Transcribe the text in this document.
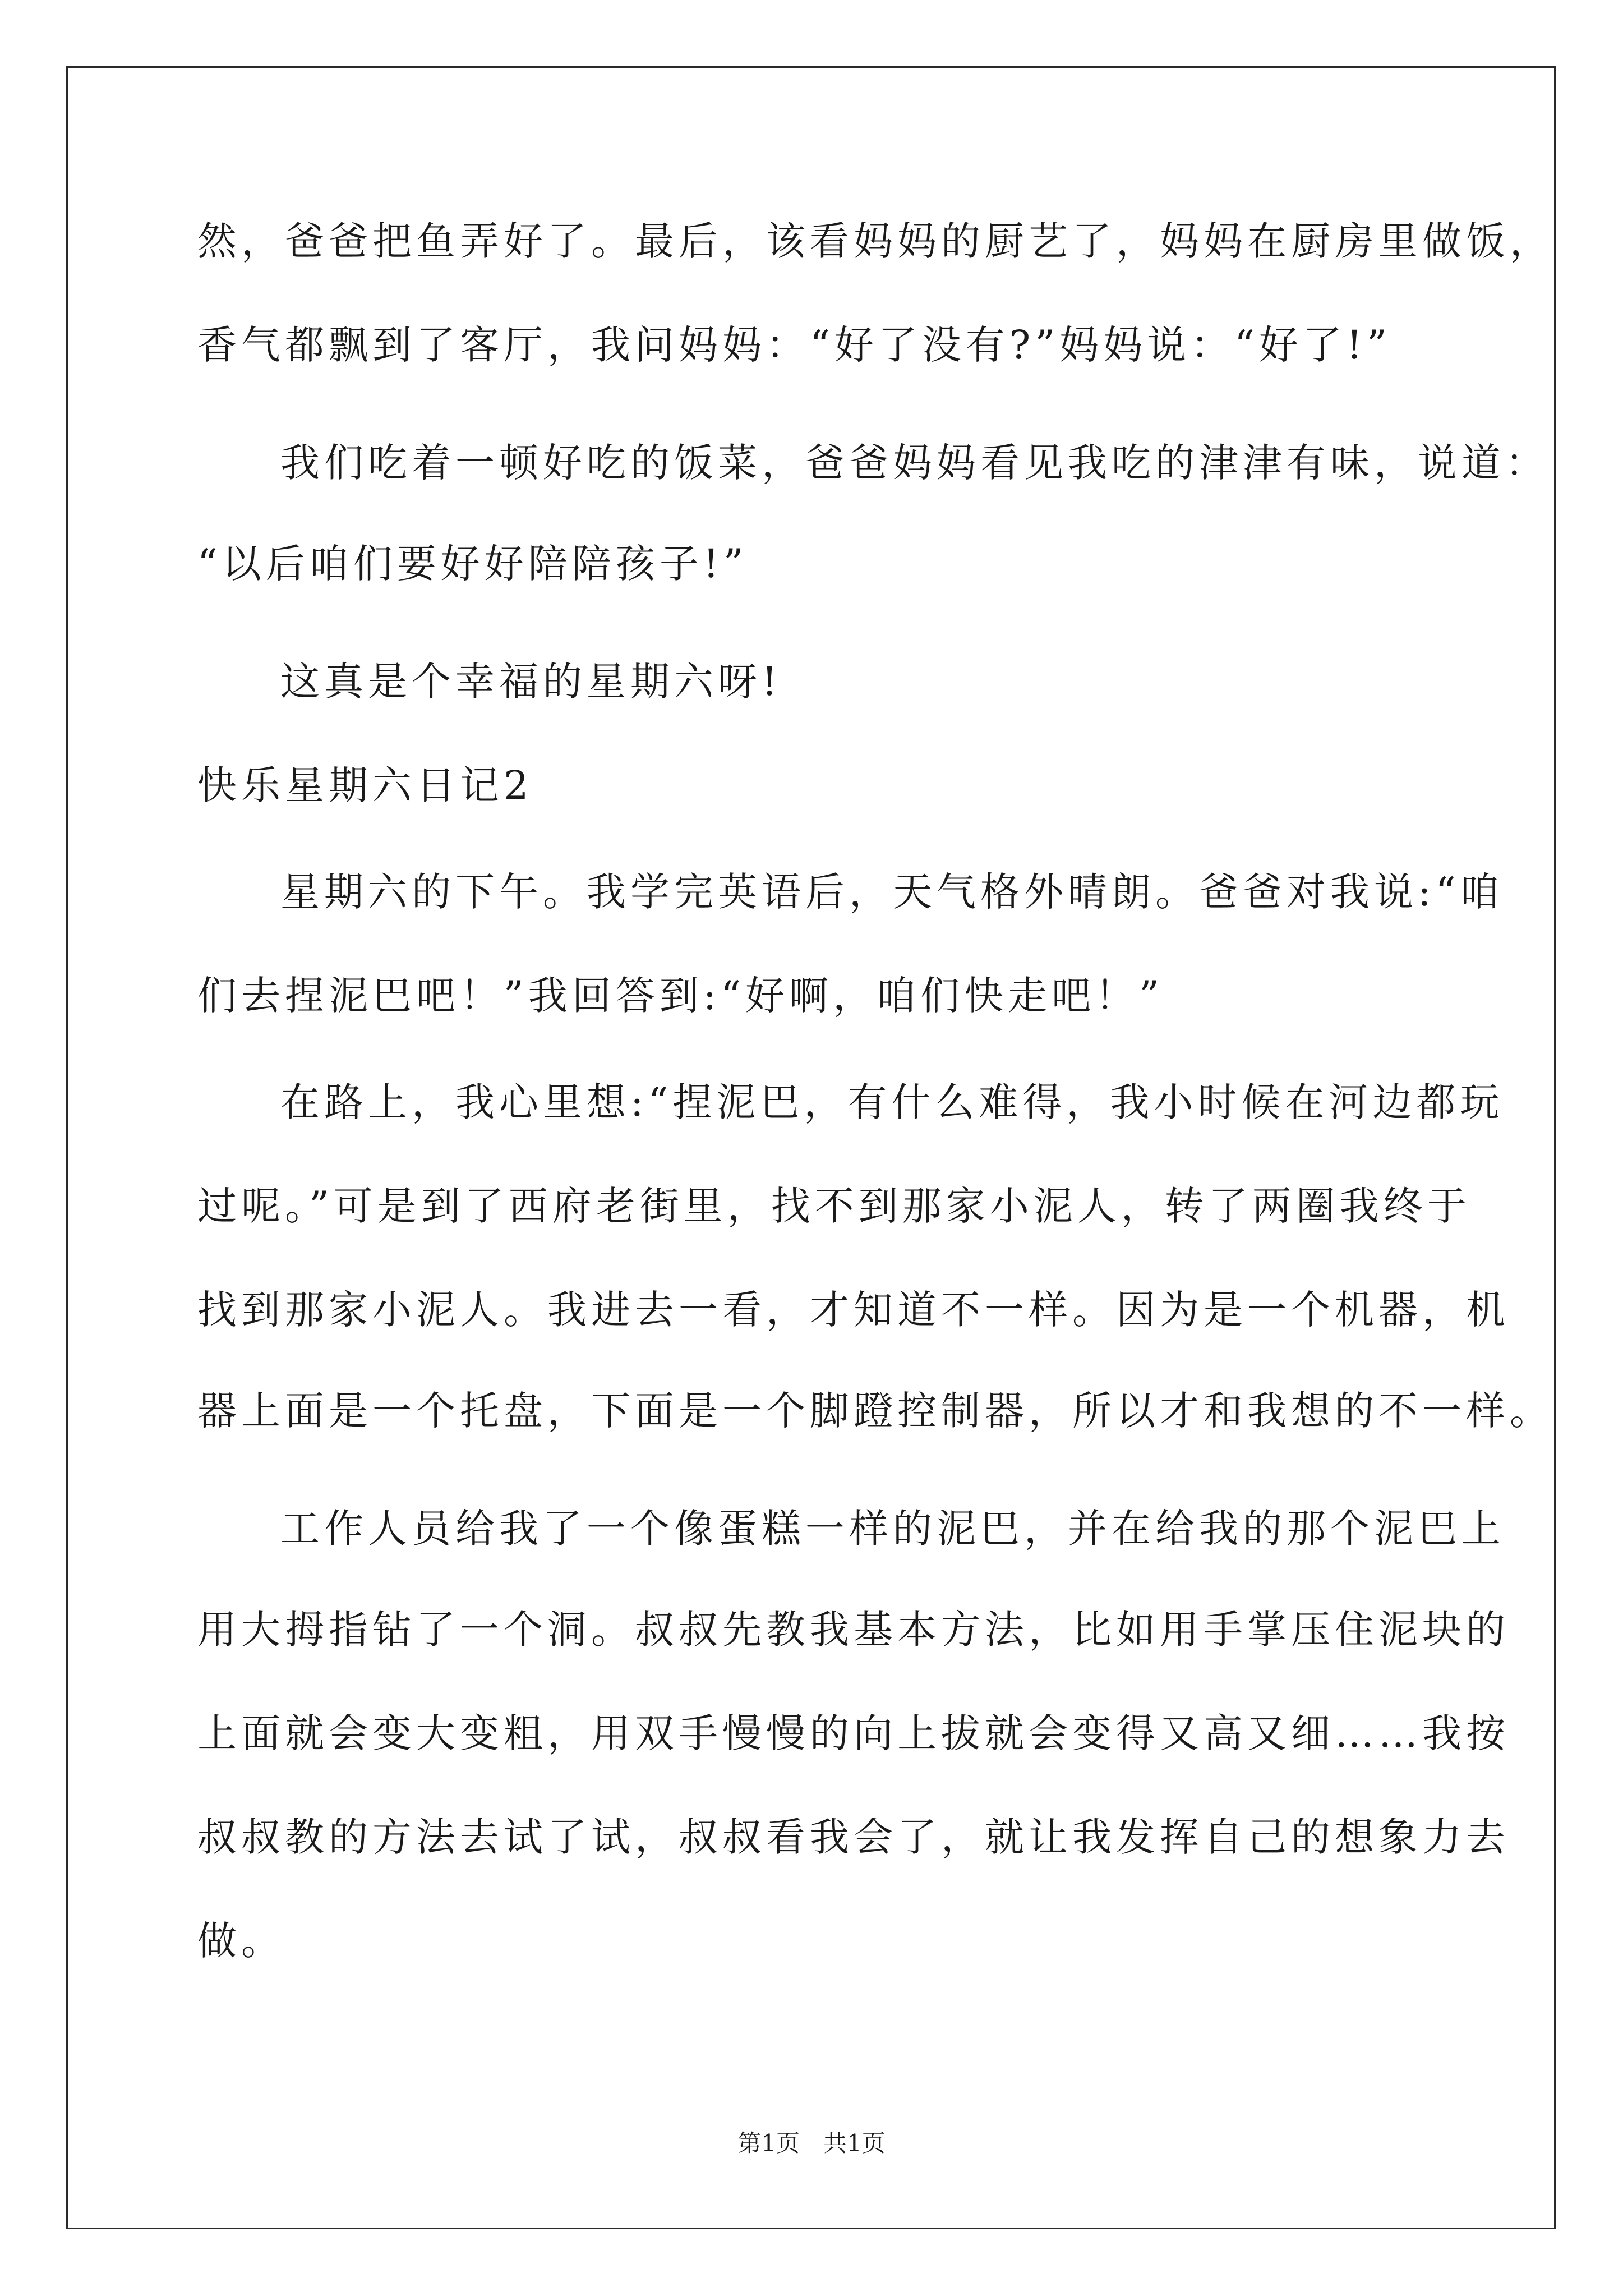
然，爸爸把鱼弄好了。最后，该看妈妈的厨艺了，妈妈在厨房里做饭，
香气都飘到了客厅，我问妈妈：“好了没有?”妈妈说：“好了!”
我们吃着一顿好吃的饭菜，爸爸妈妈看见我吃的津津有味，说道：
“以后咱们要好好陪陪孩子!”
这真是个幸福的星期六呀!
快乐星期六日记2
星期六的下午。我学完英语后，天气格外晴朗。爸爸对我说:“咱
们去捏泥巴吧！”我回答到:“好啊，咱们快走吧！”
在路上，我心里想:“捏泥巴，有什么难得，我小时候在河边都玩
过呢。”可是到了西府老街里，找不到那家小泥人，转了两圈我终于
找到那家小泥人。我进去一看，才知道不一样。因为是一个机器，机
器上面是一个托盘，下面是一个脚蹬控制器，所以才和我想的不一样。
工作人员给我了一个像蛋糕一样的泥巴，并在给我的那个泥巴上
用大拇指钻了一个洞。叔叔先教我基本方法，比如用手掌压住泥块的
上面就会变大变粗，用双手慢慢的向上拔就会变得又高又细……我按
叔叔教的方法去试了试，叔叔看我会了，就让我发挥自己的想象力去
做。
第1页　共1页
